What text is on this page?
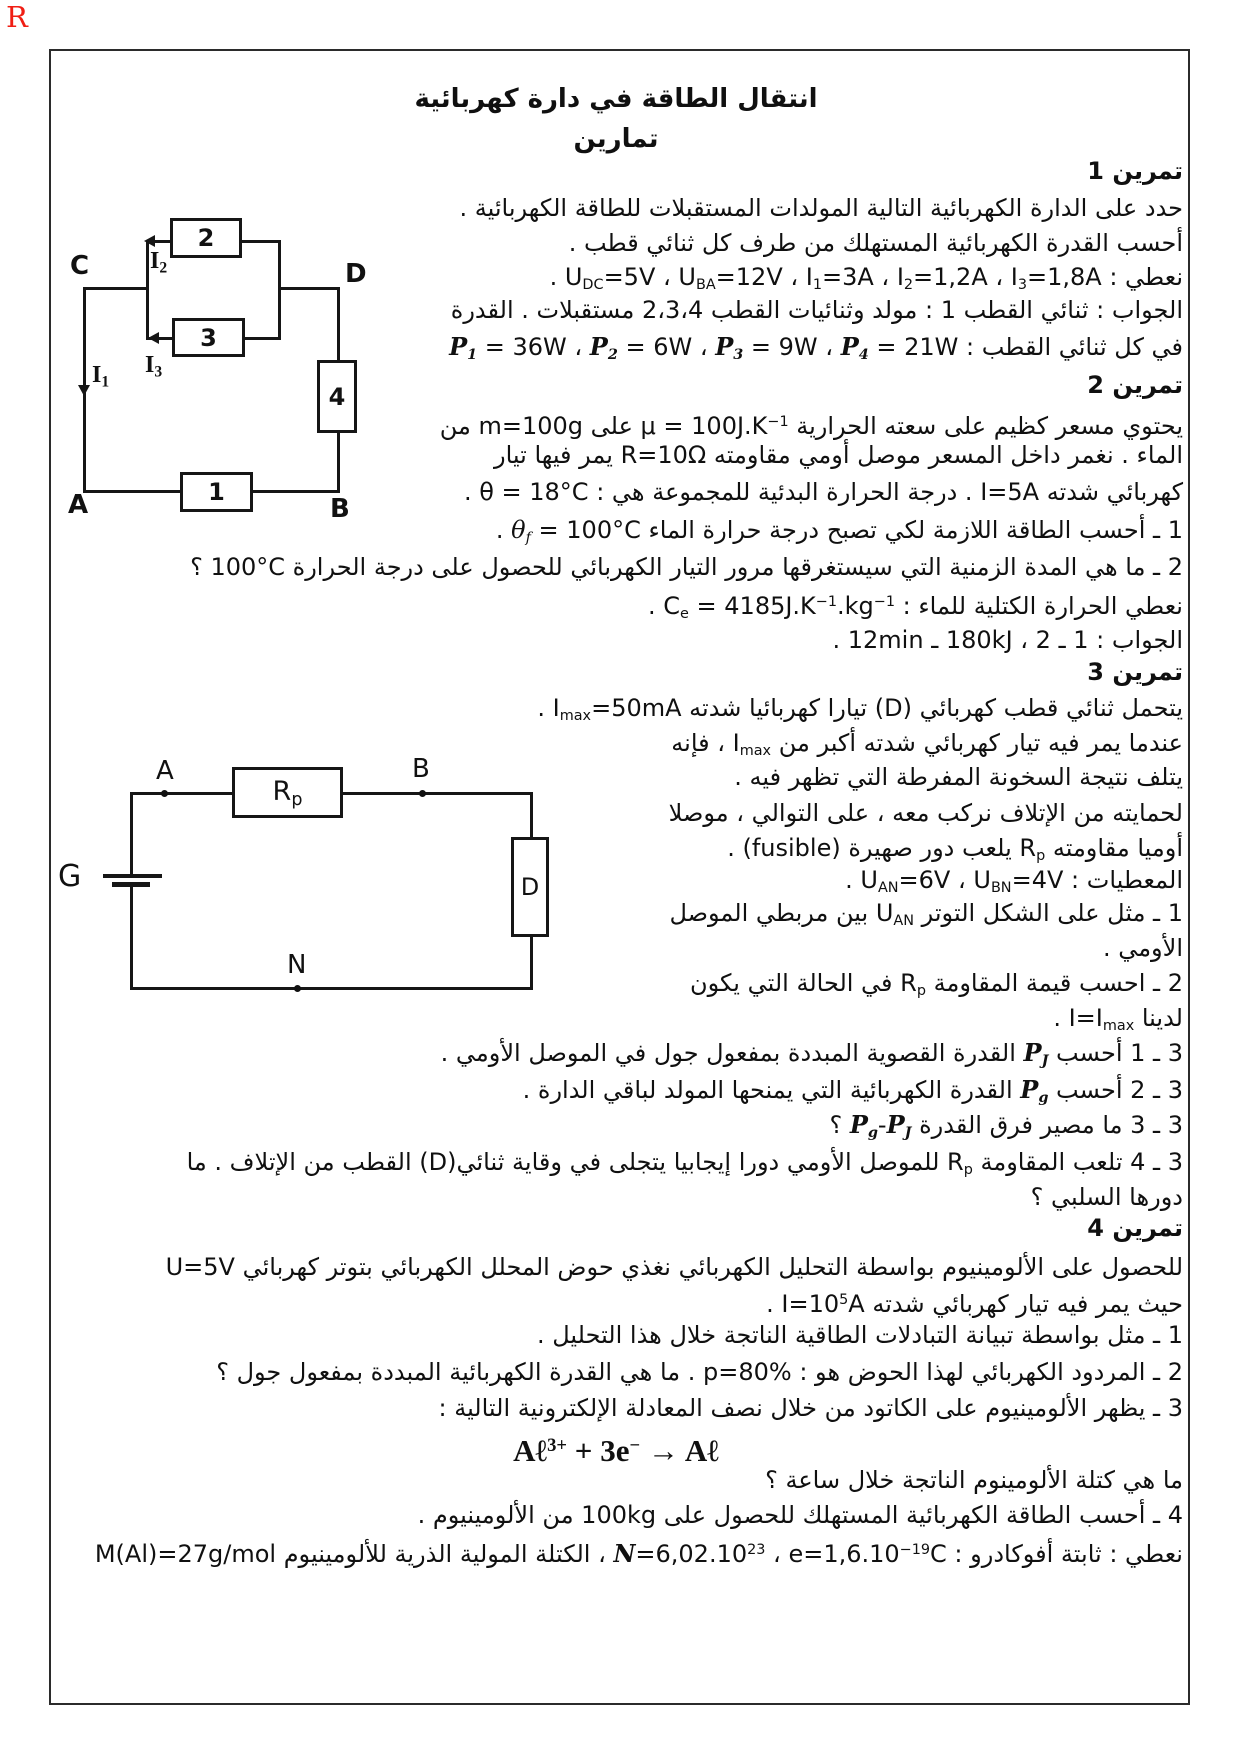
R
انتقال الطاقة في دارة كهربائية
تمارين
تمرين 1
حدد على الدارة الكهربائية التالية المولدات المستقبلات للطاقة الكهربائية .
أحسب القدرة الكهربائية المستهلك من طرف كل ثنائي قطب .
نعطي : $U_{DC}=5V$ ، $U_{BA}=12V$ ، $I_1=3A$ ، $I_2=1,2A$ ، $I_3=1,8A$ .
الجواب : ثنائي القطب 1 : مولد وثنائيات القطب 2،3،4 مستقبلات . القدرة
في كل ثنائي القطب : $P_1 = 36W$ ، $P_2 = 6W$ ، $P_3 = 9W$ ، $P_4 = 21W$
تمرين 2
يحتوي مسعر كظيم على سعته الحرارية $\mu = 100J.K^{-1}$ على m=100g من
الماء . نغمر داخل المسعر موصل أومي مقاومته R=10Ω يمر فيها تيار
كهربائي شدته I=5A . درجة الحرارة البدئية للمجموعة هي : θ = 18°C .
1 ـ أحسب الطاقة اللازمة لكي تصبح درجة حرارة الماء $\theta_f = 100^\circ C$ .
2 ـ ما هي المدة الزمنية التي سيستغرقها مرور التيار الكهربائي للحصول على درجة الحرارة 100°C ؟
نعطي الحرارة الكتلية للماء : $C_e = 4185J.K^{-1}.kg^{-1}$ .
الجواب : 1 ـ 180kJ ، 2 ـ 12min .
تمرين 3
يتحمل ثنائي قطب كهربائي (D) تيارا كهربائيا شدته $I_{max}=50mA$ .
عندما يمر فيه تيار كهربائي شدته أكبر من $I_{max}$ ، فإنه
يتلف نتيجة السخونة المفرطة التي تظهر فيه .
لحمايته من الإتلاف نركب معه ، على التوالي ، موصلا
أوميا مقاومته $R_p$ يلعب دور صهيرة (fusible) .
المعطيات : $U_{AN}=6V$ ، $U_{BN}=4V$ .
1 ـ مثل على الشكل التوتر $U_{AN}$ بين مربطي الموصل
الأومي .
2 ـ احسب قيمة المقاومة $R_p$ في الحالة التي يكون
لدينا $I=I_{max}$ .
3 ـ 1 أحسب $P_J$ القدرة القصوية المبددة بمفعول جول في الموصل الأومي .
3 ـ 2 أحسب $P_g$ القدرة الكهربائية التي يمنحها المولد لباقي الدارة .
3 ـ 3 ما مصير فرق القدرة $P_g-P_J$ ؟
3 ـ 4 تلعب المقاومة $R_p$ للموصل الأومي دورا إيجابيا يتجلى في وقاية ثنائي(D) القطب من الإتلاف . ما
دورها السلبي ؟
تمرين 4
للحصول على الألومينيوم بواسطة التحليل الكهربائي نغذي حوض المحلل الكهربائي بتوتر كهربائي U=5V
حيث يمر فيه تيار كهربائي شدته $I=10^5A$ .
1 ـ مثل بواسطة تبيانة التبادلات الطاقية الناتجة خلال هذا التحليل .
2 ـ المردود الكهربائي لهذا الحوض هو : p=80% . ما هي القدرة الكهربائية المبددة بمفعول جول ؟
3 ـ يظهر الألومينيوم على الكاتود من خلال نصف المعادلة الإلكترونية التالية :
Aℓ$^{3+}$ + 3e− → Aℓ
ما هي كتلة الألومينوم الناتجة خلال ساعة ؟
4 ـ أحسب الطاقة الكهربائية المستهلك للحصول على 100kg من الألومينيوم .
نعطي : ثابتة أفوكادرو : $N=6,02.10^{23}$ ، $e=1,6.10^{-19}C$ ، الكتلة المولية الذرية للألومينيوم M(Al)=27g/mol
2
3
4
1
C	D
A	B
I2
I3
I1
Rp
D
A	B
N
G
